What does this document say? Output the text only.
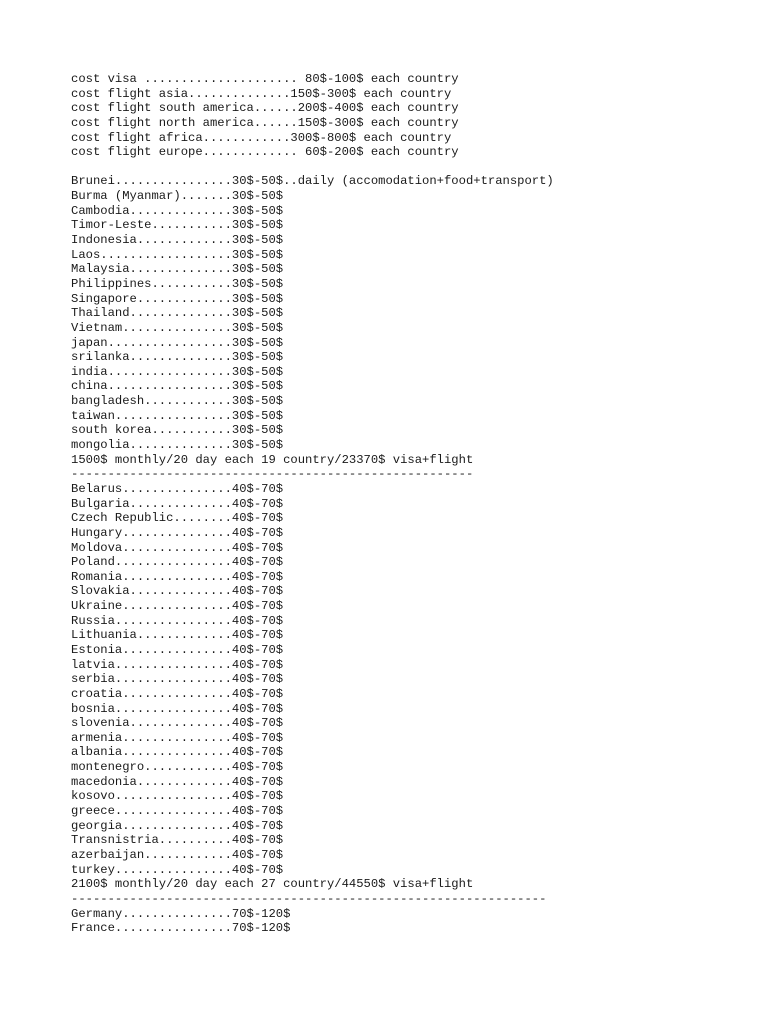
cost visa ..................... 80$-100$ each country

cost flight asia..............150$-300$ each country

cost flight south america......200$-400$ each country

cost flight north america......150$-300$ each country

cost flight africa............300$-800$ each country

cost flight europe............. 60$-200$ each country

Brunei................30$-50$..daily (accomodation+food+transport)

Burma (Myanmar).......30$-50$

Cambodia..............30$-50$

Timor-Leste...........30$-50$

Indonesia.............30$-50$

Laos..................30$-50$

Malaysia..............30$-50$

Philippines...........30$-50$

Singapore.............30$-50$

Thailand..............30$-50$

Vietnam...............30$-50$

japan.................30$-50$

srilanka..............30$-50$

india.................30$-50$

china.................30$-50$

bangladesh............30$-50$

taiwan................30$-50$

south korea...........30$-50$

mongolia..............30$-50$

1500$ monthly/20 day each 19 country/23370$ visa+flight

-------------------------------------------------------

Belarus...............40$-70$

Bulgaria..............40$-70$

Czech Republic........40$-70$

Hungary...............40$-70$

Moldova...............40$-70$

Poland................40$-70$

Romania...............40$-70$

Slovakia..............40$-70$

Ukraine...............40$-70$

Russia................40$-70$

Lithuania.............40$-70$

Estonia...............40$-70$

latvia................40$-70$

serbia................40$-70$

croatia...............40$-70$

bosnia................40$-70$

slovenia..............40$-70$

armenia...............40$-70$

albania...............40$-70$

montenegro............40$-70$

macedonia.............40$-70$

kosovo................40$-70$

greece................40$-70$

georgia...............40$-70$

Transnistria..........40$-70$

azerbaijan............40$-70$

turkey................40$-70$

2100$ monthly/20 day each 27 country/44550$ visa+flight

-----------------------------------------------------------------

Germany...............70$-120$

France................70$-120$
